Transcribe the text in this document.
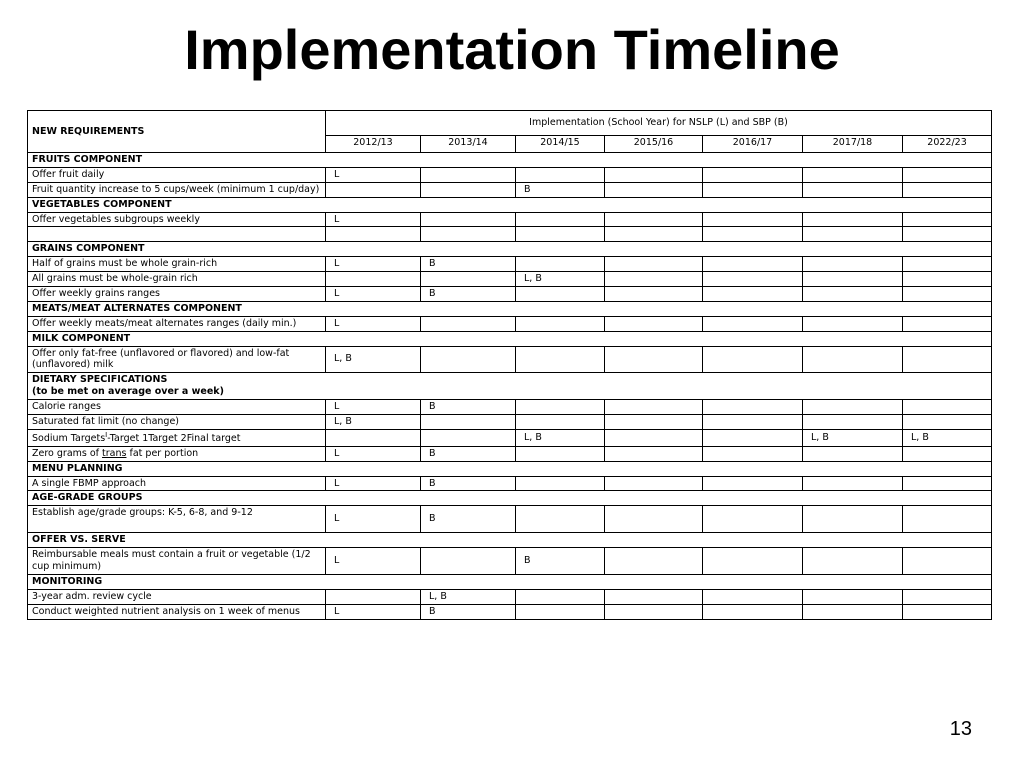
Implementation Timeline
NEW REQUIREMENTS	Implementation (School Year) for NSLP (L) and SBP (B)						
	2012/13	2013/14	2014/15	2015/16	2016/17	2017/18	2022/23
FRUITS COMPONENT							
Offer fruit daily	L						
Fruit quantity increase to 5 cups/week (minimum 1 cup/day)			B				
VEGETABLES COMPONENT							
Offer vegetables subgroups weekly	L						

GRAINS COMPONENT							
Half of grains must be whole grain-rich	L	B					
All grains must be whole-grain rich			L, B				
Offer weekly grains ranges	L	B					
MEATS/MEAT ALTERNATES COMPONENT							
Offer weekly meats/meat alternates ranges (daily min.)	L						
MILK COMPONENT							
Offer only fat-free (unflavored or flavored) and low-fat (unflavored) milk	L, B						
DIETARY SPECIFICATIONS
(to be met on average over a week)							
Calorie ranges	L	B					
Saturated fat limit (no change)	L, B						
Sodium Targets$^I$-Target 1Target 2Final target			L, B			L, B	L, B
Zero grams of trans fat per portion	L	B					
MENU PLANNING							
A single FBMP approach	L	B					
AGE-GRADE GROUPS							
Establish age/grade groups: K-5, 6-8, and 9-12	L	B					
OFFER VS. SERVE							
Reimbursable meals must contain a fruit or vegetable (1/2 cup minimum)	L		B				
MONITORING							
3-year adm. review cycle		L, B					
Conduct weighted nutrient analysis on 1 week of menus	L	B					
13
